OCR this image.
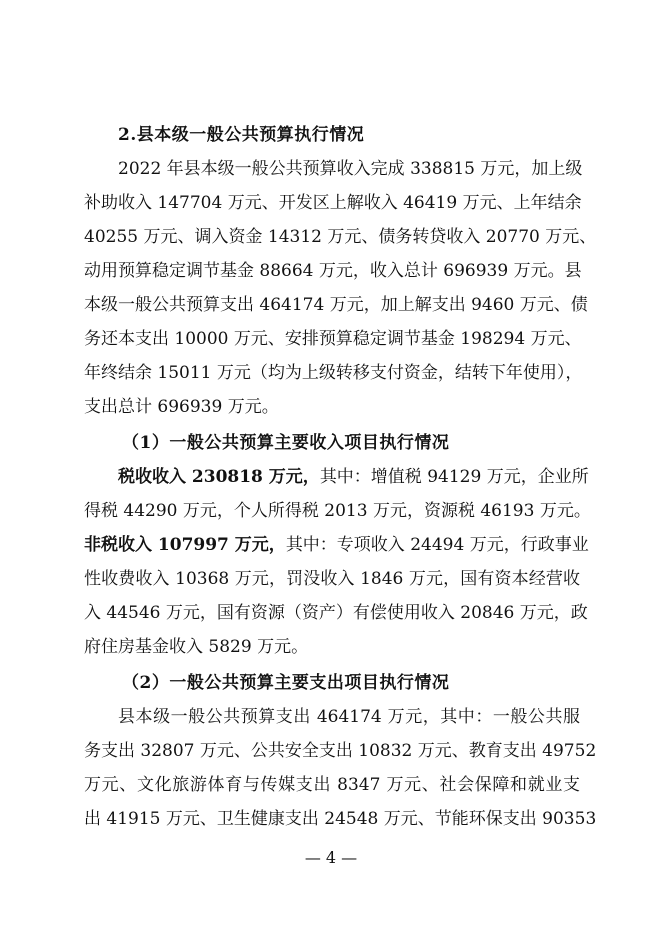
2.县本级一般公共预算执行情况
2022 年县本级一般公共预算收入完成 338815 万元，加上级
补助收入 147704 万元、开发区上解收入 46419 万元、上年结余
40255 万元、调入资金 14312 万元、债务转贷收入 20770 万元、
动用预算稳定调节基金 88664 万元，收入总计 696939 万元。县
本级一般公共预算支出 464174 万元，加上解支出 9460 万元、债
务还本支出 10000 万元、安排预算稳定调节基金 198294 万元、
年终结余 15011 万元（均为上级转移支付资金，结转下年使用），
支出总计 696939 万元。
（1）一般公共预算主要收入项目执行情况
税收收入 230818 万元，其中：增值税 94129 万元，企业所
得税 44290 万元，个人所得税 2013 万元，资源税 46193 万元。
非税收入 107997 万元，其中：专项收入 24494 万元，行政事业
性收费收入 10368 万元，罚没收入 1846 万元，国有资本经营收
入 44546 万元，国有资源（资产）有偿使用收入 20846 万元，政
府住房基金收入 5829 万元。
（2）一般公共预算主要支出项目执行情况
县本级一般公共预算支出 464174 万元，其中：一般公共服
务支出 32807 万元、公共安全支出 10832 万元、教育支出 49752
万元、文化旅游体育与传媒支出 8347 万元、社会保障和就业支
出 41915 万元、卫生健康支出 24548 万元、节能环保支出 90353
— 4 —
